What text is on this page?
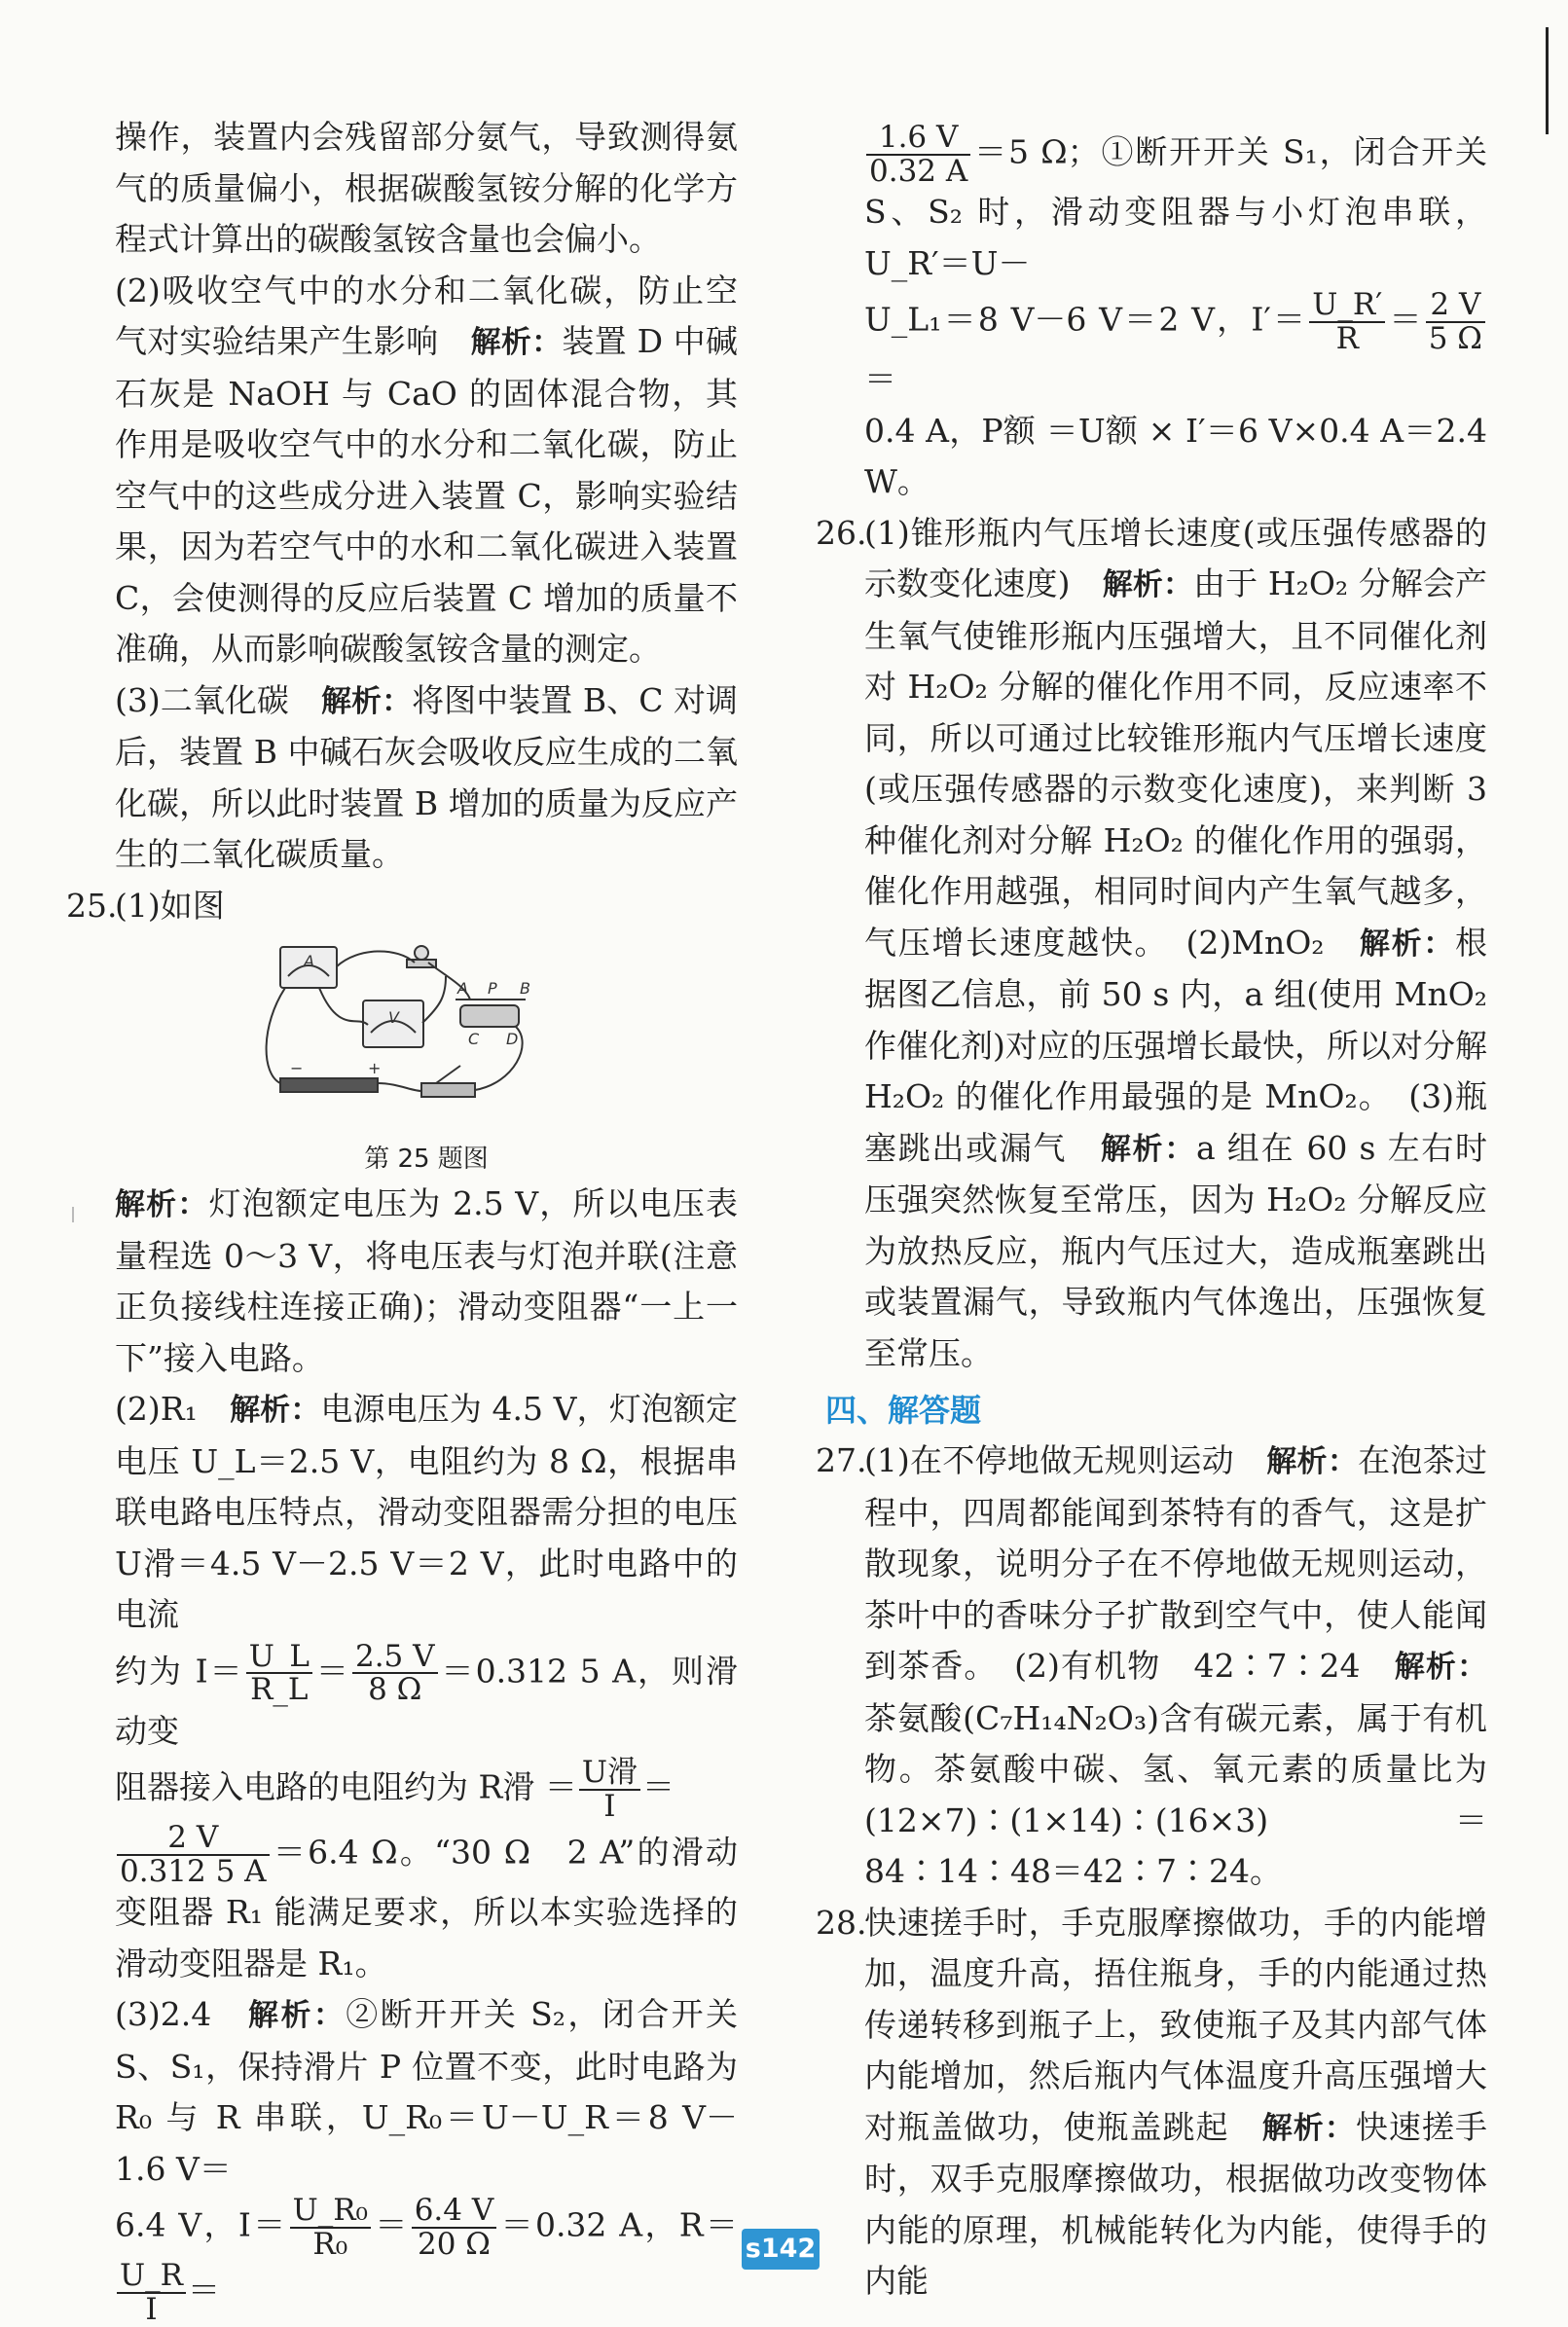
操作，装置内会残留部分氨气，导致测得氨气的质量偏小，根据碳酸氢铵分解的化学方程式计算出的碳酸氢铵含量也会偏小。

(2)吸收空气中的水分和二氧化碳，防止空气对实验结果产生影响　 解析：装置 D 中碱石灰是 NaOH 与 CaO 的固体混合物，其作用是吸收空气中的水分和二氧化碳，防止空气中的这些成分进入装置 C，影响实验结果，因为若空气中的水和二氧化碳进入装置 C，会使测得的反应后装置 C 增加的质量不准确，从而影响碳酸氢铵含量的测定。

(3)二氧化碳　 解析：将图中装置 B、C 对调后，装置 B 中碱石灰会吸收反应生成的二氧化碳，所以此时装置 B 增加的质量为反应产生的二氧化碳质量。

25.

(1)如图

A
V
A P B
C D
−	+
第 25 题图

解析：灯泡额定电压为 2.5 V，所以电压表量程选 0～3 V，将电压表与灯泡并联(注意正负接线柱连接正确)；滑动变阻器“一上一下”接入电路。

(2)R₁　 解析：电源电压为 4.5 V，灯泡额定电压 U_L＝2.5 V，电阻约为 8 Ω，根据串联电路电压特点，滑动变阻器需分担的电压 U滑＝4.5 V－2.5 V＝2 V，此时电路中的电流

约为 $I= \frac{U\_L}{R\_L} = \frac{2.5 V}{8 \Omega} =0.312$ 5 A，则滑动变

阻器接入电路的电阻约为 R滑 ＝ $\frac{\text{U滑}}{I}$ ＝

$\frac{2 V}{0.312 5 A} =6.4$ Ω。“30 Ω　2 A”的滑动变阻器 R₁ 能满足要求，所以本实验选择的滑动变阻器是 R₁。

(3)2.4　 解析：②断开开关 S₂，闭合开关 S、S₁，保持滑片 P 位置不变，此时电路为 R₀ 与 R 串联，U_R₀＝U－U_R＝8 V－1.6 V＝

6.4 V，$I= \frac{\text{U\_R₀}}{\text{R₀}} = \frac{6.4 V}{20 \Omega} =0.32$ A，R＝
$\frac{U\_R}{I}$ ＝

$\frac{1.6 V}{0.32 A} =5$ Ω；①断开开关 S₁，闭合开关 S、S₂ 时，滑动变阻器与小灯泡串联，U_R′＝U－

U_L₁＝8 V－6 V＝2 V，$I'= \frac{U\_R'}{R} = \frac{2 V}{5 \Omega}$
＝

0.4 A，P额 ＝U额 × I′＝6 V×0.4 A＝2.4 W。

26.

(1)锥形瓶内气压增长速度(或压强传感器的示数变化速度)　 解析：由于 H₂O₂ 分解会产生氧气使锥形瓶内压强增大，且不同催化剂对 H₂O₂ 分解的催化作用不同，反应速率不同，所以可通过比较锥形瓶内气压增长速度(或压强传感器的示数变化速度)，来判断 3 种催化剂对分解 H₂O₂ 的催化作用的强弱，催化作用越强，相同时间内产生氧气越多，气压增长速度越快。　(2)MnO₂　 解析：根据图乙信息，前 50 s 内，a 组(使用 MnO₂ 作催化剂)对应的压强增长最快，所以对分解 H₂O₂ 的催化作用最强的是 MnO₂。　(3)瓶塞跳出或漏气　 解析：a 组在 60 s 左右时压强突然恢复至常压，因为 H₂O₂ 分解反应为放热反应，瓶内气压过大，造成瓶塞跳出或装置漏气，导致瓶内气体逸出，压强恢复至常压。

四、解答题
27.

(1)在不停地做无规则运动　 解析：在泡茶过程中，四周都能闻到茶特有的香气，这是扩散现象，说明分子在不停地做无规则运动，茶叶中的香味分子扩散到空气中，使人能闻到茶香。　(2)有机物　42∶7∶24　 解析：茶氨酸(C₇H₁₄N₂O₃)含有碳元素，属于有机物。茶氨酸中碳、氢、氧元素的质量比为(12×7)∶(1×14)∶(16×3)＝84∶14∶48＝42∶7∶24。

28.

快速搓手时，手克服摩擦做功，手的内能增加，温度升高，捂住瓶身，手的内能通过热传递转移到瓶子上，致使瓶子及其内部气体内能增加，然后瓶内气体温度升高压强增大对瓶盖做功，使瓶盖跳起　 解析：快速搓手时，双手克服摩擦做功，根据做功改变物体内能的原理，机械能转化为内能，使得手的内能

s142
